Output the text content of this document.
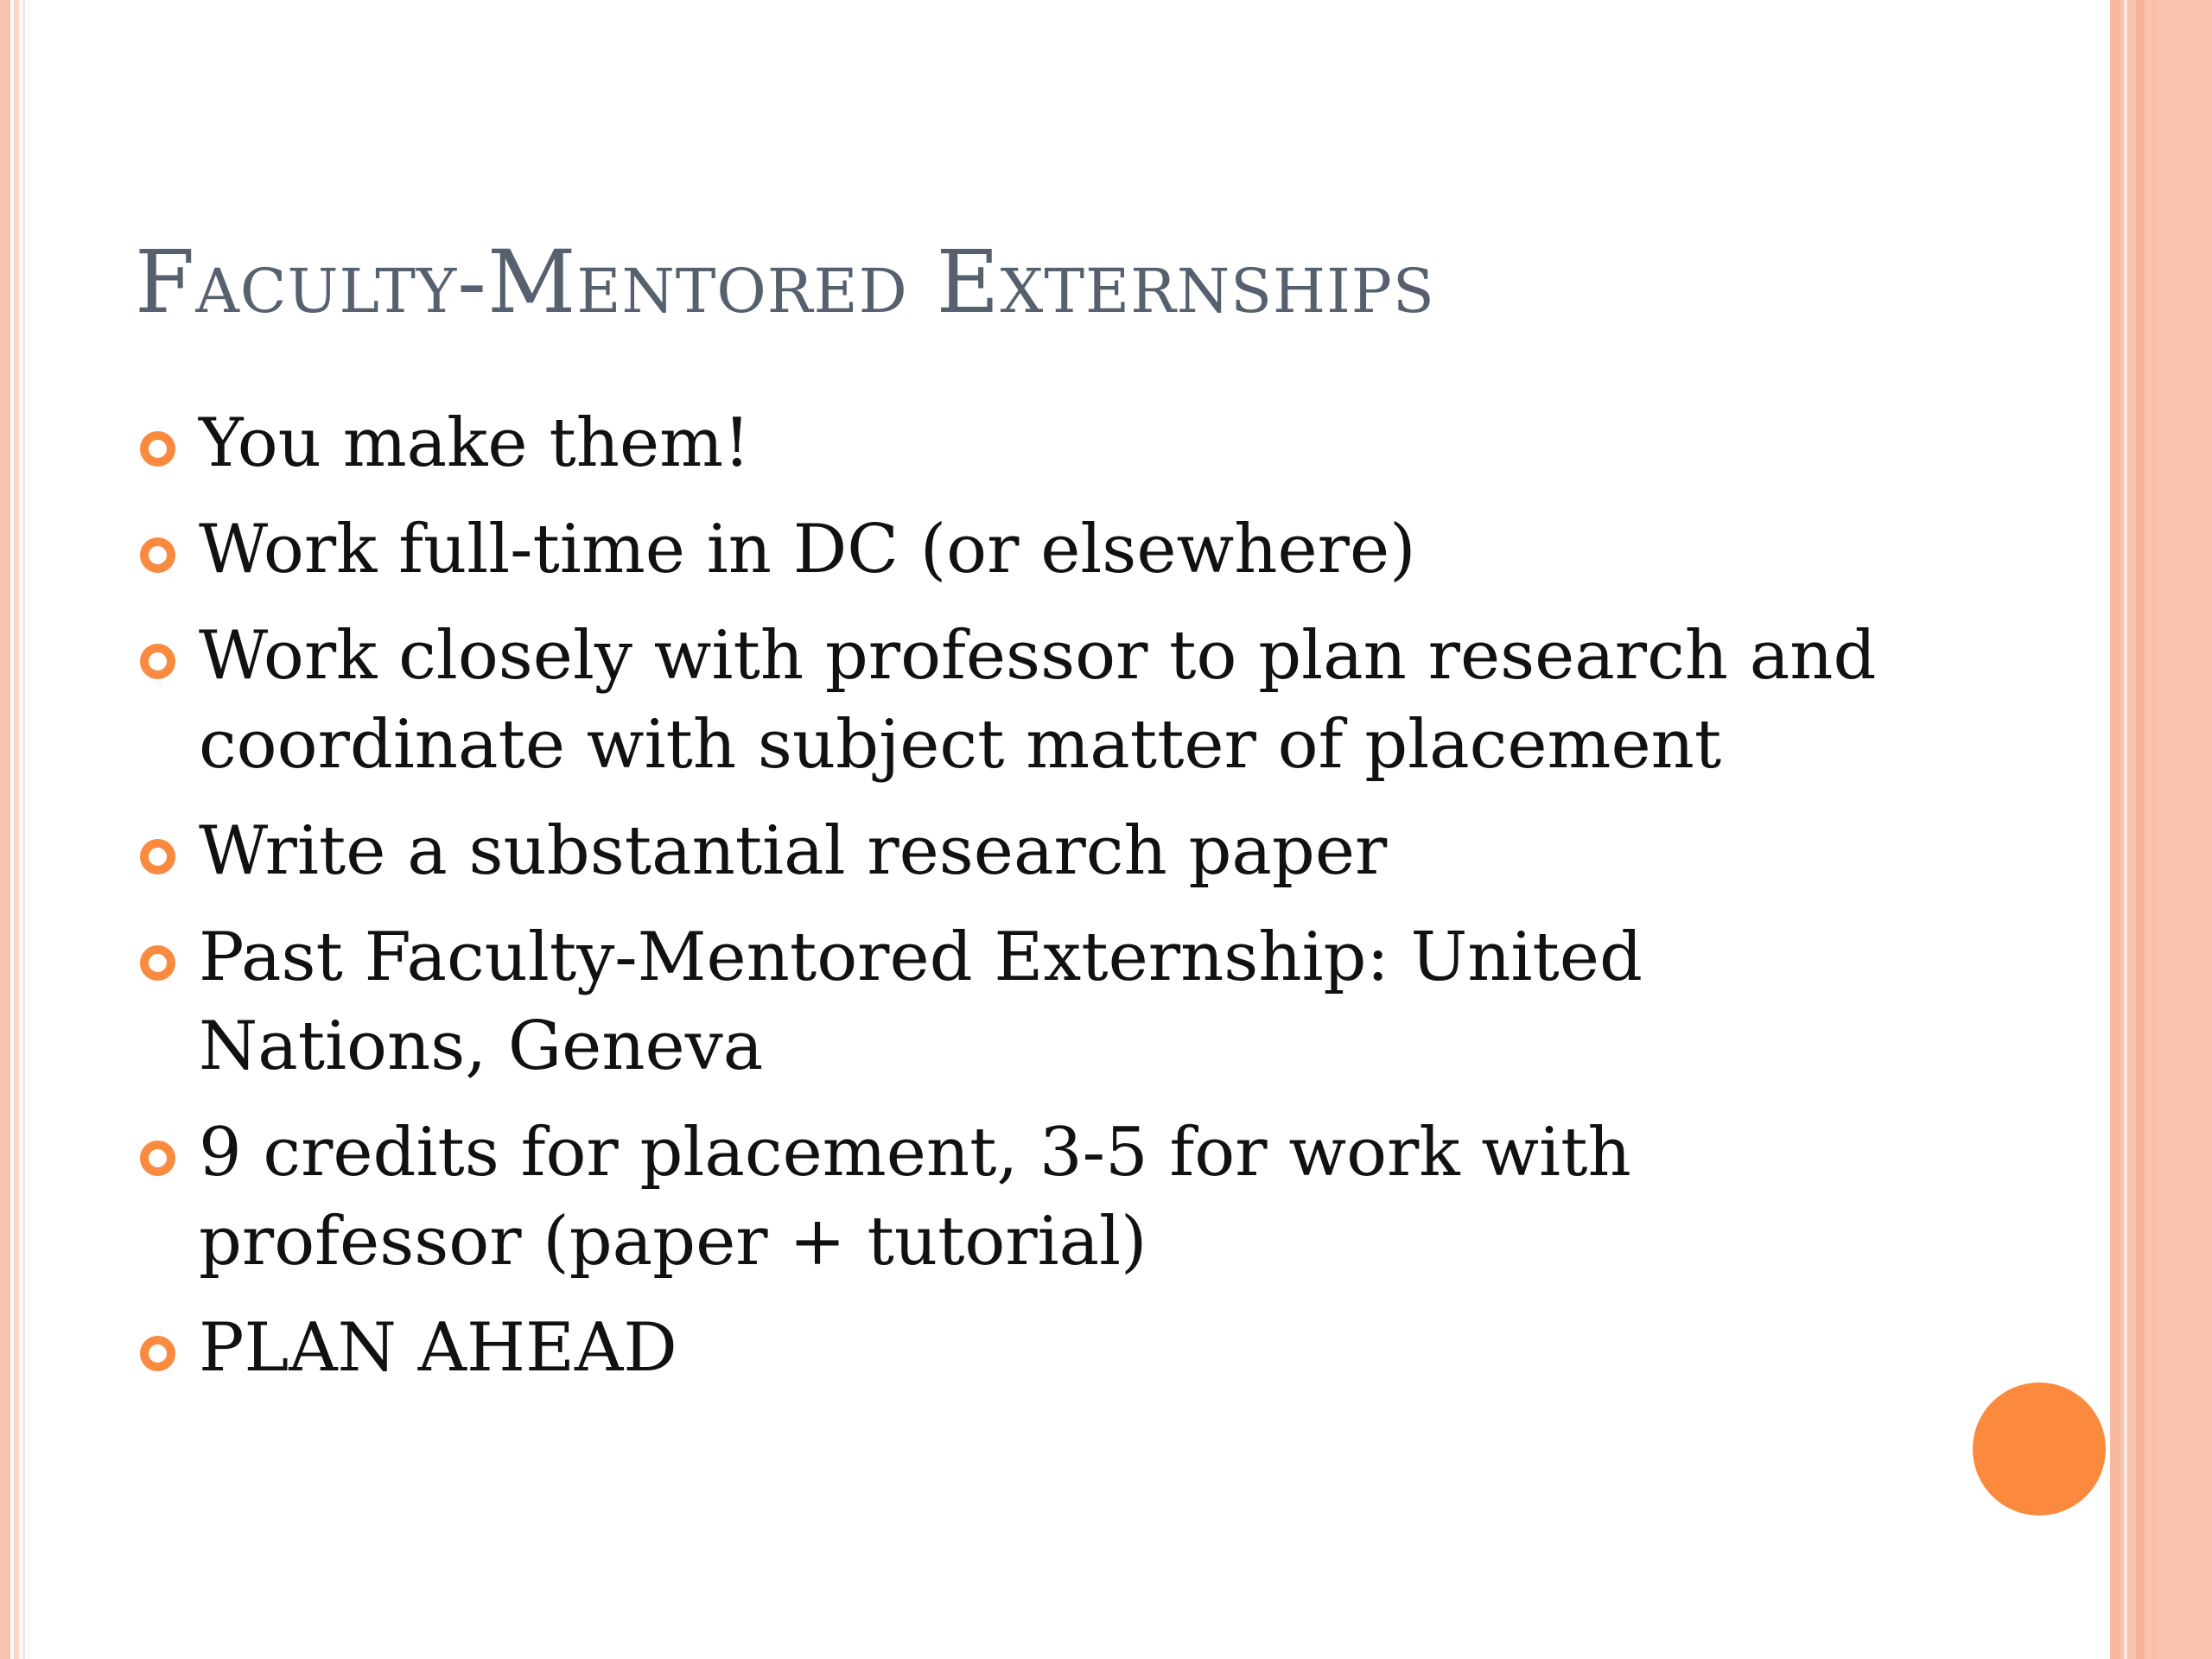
Faculty-Mentored Externships
You make them!
Work full-time in DC (or elsewhere)
Work closely with professor to plan research and coordinate with subject matter of placement
Write a substantial research paper
Past Faculty-Mentored Externship: United Nations, Geneva
9 credits for placement, 3-5 for work with professor (paper + tutorial)
PLAN AHEAD
